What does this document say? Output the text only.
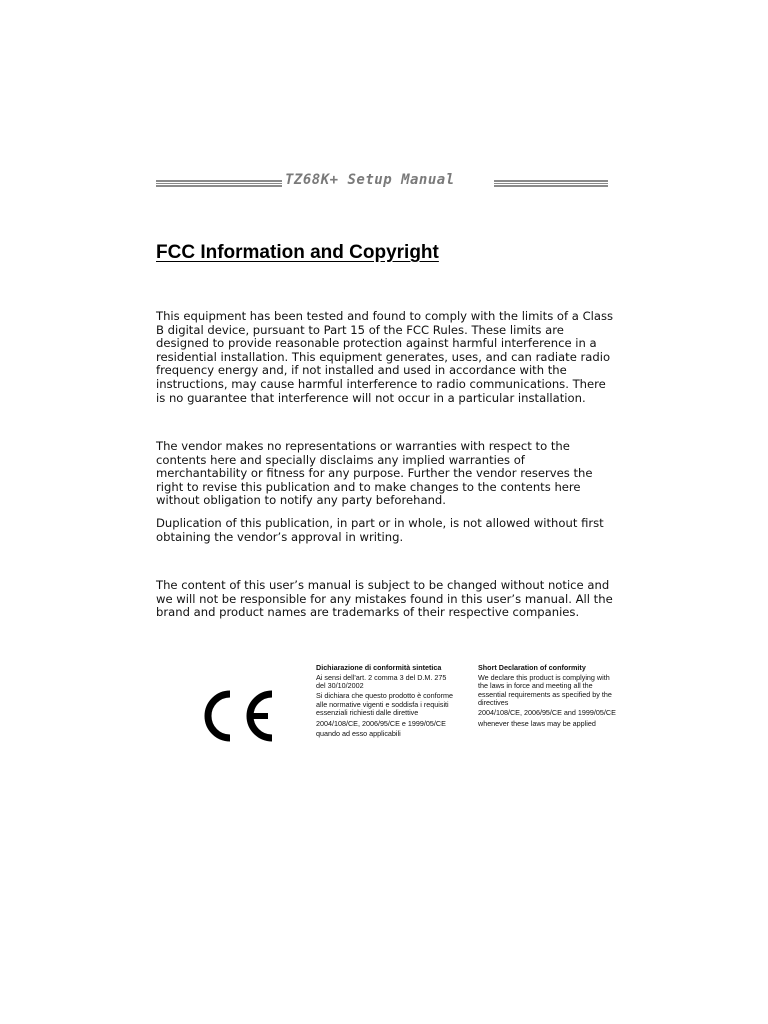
TZ68K+ Setup Manual
FCC Information and Copyright

This equipment has been tested and found to comply with the limits of a Class B digital device, pursuant to Part 15 of the FCC Rules. These limits are designed to provide reasonable protection against harmful interference in a residential installation. This equipment generates, uses, and can radiate radio frequency energy and, if not installed and used in accordance with the instructions, may cause harmful interference to radio communications. There is no guarantee that interference will not occur in a particular installation.

The vendor makes no representations or warranties with respect to the contents here and specially disclaims any implied warranties of merchantability or fitness for any purpose. Further the vendor reserves the right to revise this publication and to make changes to the contents here without obligation to notify any party beforehand.

Duplication of this publication, in part or in whole, is not allowed without first obtaining the vendor’s approval in writing.

The content of this user’s manual is subject to be changed without notice and we will not be responsible for any mistakes found in this user’s manual. All the brand and product names are trademarks of their respective companies.

Dichiarazione di conformità sintetica
Ai sensi dell'art. 2 comma 3 del D.M. 275 del 30/10/2002
Si dichiara che questo prodotto è conforme alle normative vigenti e soddisfa i requisiti essenziali richiesti dalle direttive
2004/108/CE, 2006/95/CE e 1999/05/CE
quando ad esso applicabili
Short Declaration of conformity
We declare this product is complying with the laws in force and meeting all the essential requirements as specified by the directives
2004/108/CE, 2006/95/CE and 1999/05/CE
whenever these laws may be applied
